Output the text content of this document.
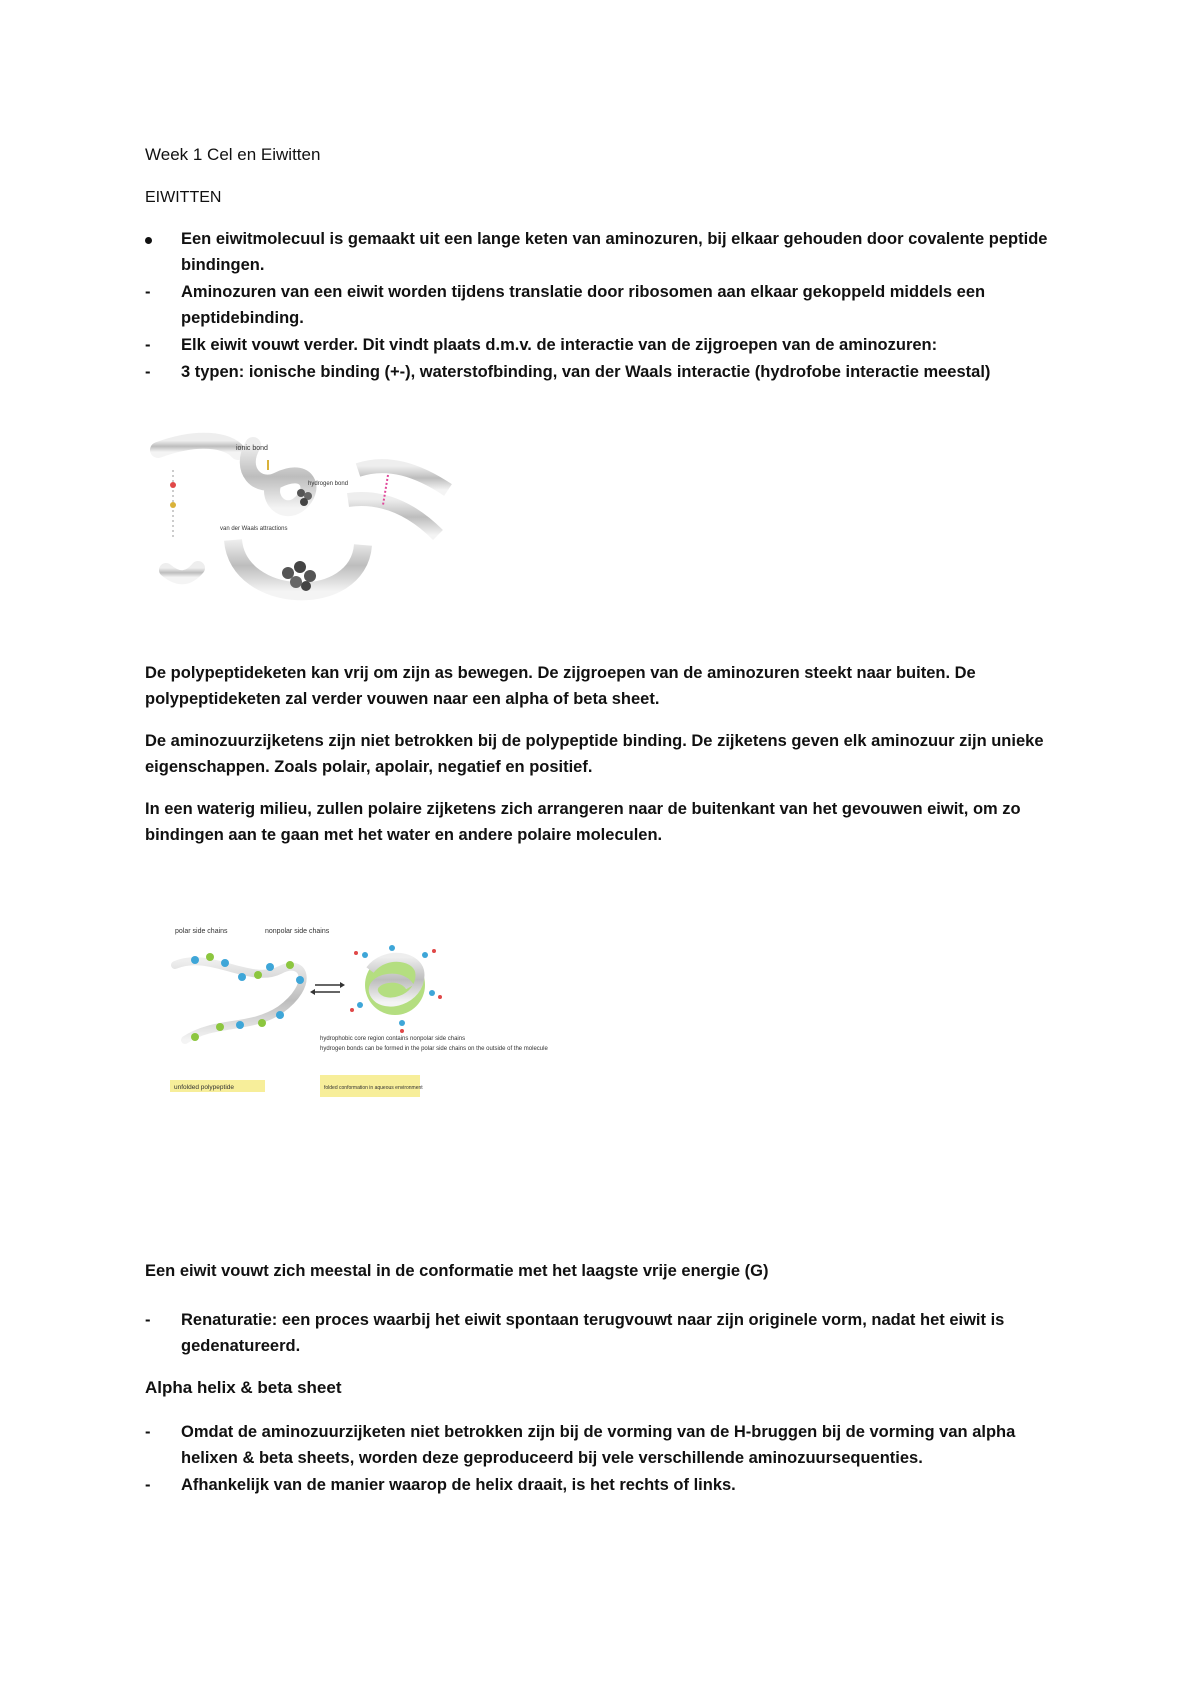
Week 1 Cel en Eiwitten
EIWITTEN
Een eiwitmolecuul is gemaakt uit een lange keten van aminozuren, bij elkaar gehouden door covalente peptide bindingen.
-	Aminozuren van een eiwit worden tijdens translatie door ribosomen aan elkaar gekoppeld middels een peptidebinding.
-	Elk eiwit vouwt verder. Dit vindt plaats d.m.v. de interactie van de zijgroepen van de aminozuren:
-	3 typen: ionische binding (+-), waterstofbinding, van der Waals interactie (hydrofobe interactie meestal)
ionic bond
hydrogen bond
van der Waals attractions

De polypeptideketen kan vrij om zijn as bewegen. De zijgroepen van de aminozuren steekt naar buiten. De polypeptideketen zal verder vouwen naar een alpha of beta sheet.

De aminozuurzijketens zijn niet betrokken bij de polypeptide binding. De zijketens geven elk aminozuur zijn unieke eigenschappen. Zoals polair, apolair, negatief en positief.

In een waterig milieu, zullen polaire zijketens zich arrangeren naar de buitenkant van het gevouwen eiwit, om zo bindingen aan te gaan met het water en andere polaire moleculen.

polar side chains	nonpolar side chains
hydrophobic core region contains nonpolar side chains
hydrogen bonds can be formed in the polar side chains on the outside of the molecule
unfolded polypeptide	folded conformation in aqueous environment

Een eiwit vouwt zich meestal in de conformatie met het laagste vrije energie (G)

-	Renaturatie: een proces waarbij het eiwit spontaan terugvouwt naar zijn originele vorm, nadat het eiwit is gedenatureerd.

Alpha helix & beta sheet

-	Omdat de aminozuurzijketen niet betrokken zijn bij de vorming van de H-bruggen bij de vorming van alpha helixen & beta sheets, worden deze geproduceerd bij vele verschillende aminozuursequenties.
-	Afhankelijk van de manier waarop de helix draait, is het rechts of links.
